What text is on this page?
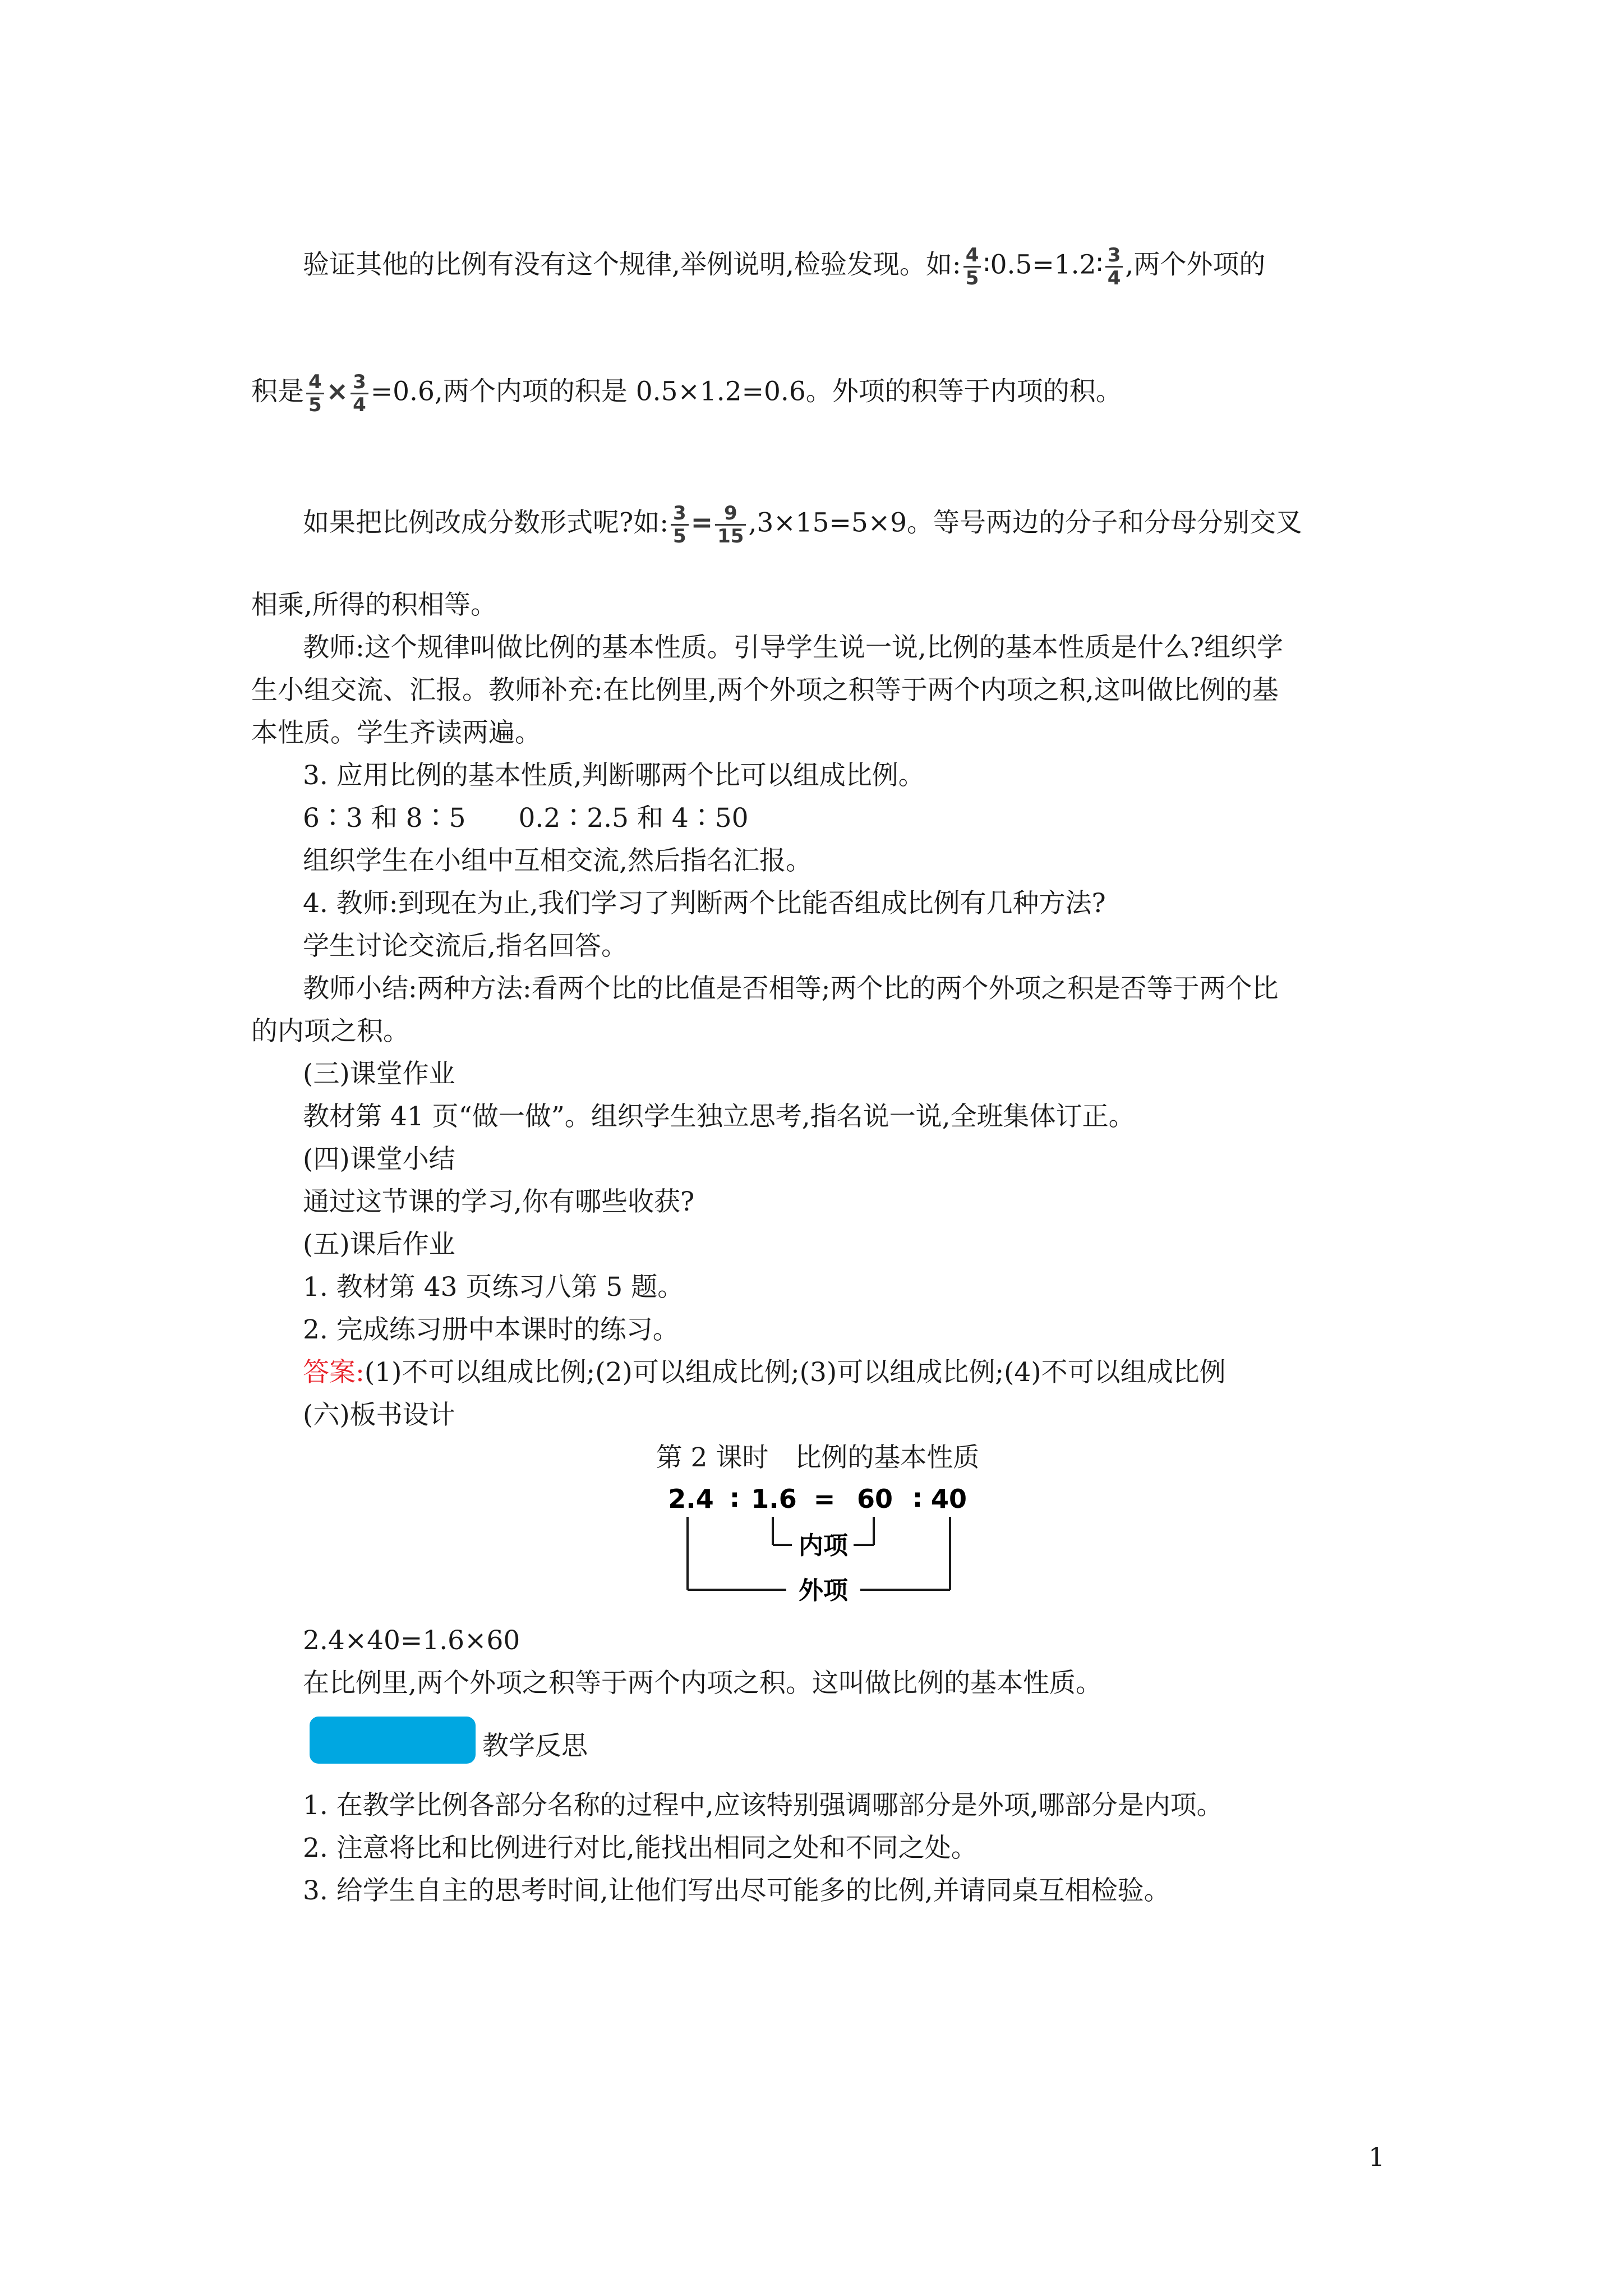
验证其他的比例有没有这个规律,举例说明,检验发现。如: $\frac{4}{5}$ ∶0.5=1.2∶ $\frac{3}{4}$ ,两个外项的
积是 $\frac{4}{5} \times \frac{3}{4} =0.6$,两个内项的积是 0.5×1.2=0.6。外项的积等于内项的积。
如果把比例改成分数形式呢?如: $\frac{3}{5} = \frac{9}{15} ,3\times 15=5\times 9$。等号两边的分子和分母分别交叉
相乘,所得的积相等。
教师:这个规律叫做比例的基本性质。引导学生说一说,比例的基本性质是什么?组织学
生小组交流、汇报。教师补充:在比例里,两个外项之积等于两个内项之积,这叫做比例的基
本性质。学生齐读两遍。
3. 应用比例的基本性质,判断哪两个比可以组成比例。
6∶3 和 8∶5　　0.2∶2.5 和 4∶50
组织学生在小组中互相交流,然后指名汇报。
4. 教师:到现在为止,我们学习了判断两个比能否组成比例有几种方法?
学生讨论交流后,指名回答。
教师小结:两种方法:看两个比的比值是否相等;两个比的两个外项之积是否等于两个比
的内项之积。
(三)课堂作业
教材第 41 页“做一做”。组织学生独立思考,指名说一说,全班集体订正。
(四)课堂小结
通过这节课的学习,你有哪些收获?
(五)课后作业
1. 教材第 43 页练习八第 5 题。
2. 完成练习册中本课时的练习。
答案:(1)不可以组成比例;(2)可以组成比例;(3)可以组成比例;(4)不可以组成比例
(六)板书设计
第 2 课时　比例的基本性质
2.4 : 1.6 = 60 : 40
内项
外项
2.4×40=1.6×60
在比例里,两个外项之积等于两个内项之积。这叫做比例的基本性质。
教学反思
1. 在教学比例各部分名称的过程中,应该特别强调哪部分是外项,哪部分是内项。
2. 注意将比和比例进行对比,能找出相同之处和不同之处。
3. 给学生自主的思考时间,让他们写出尽可能多的比例,并请同桌互相检验。
1
